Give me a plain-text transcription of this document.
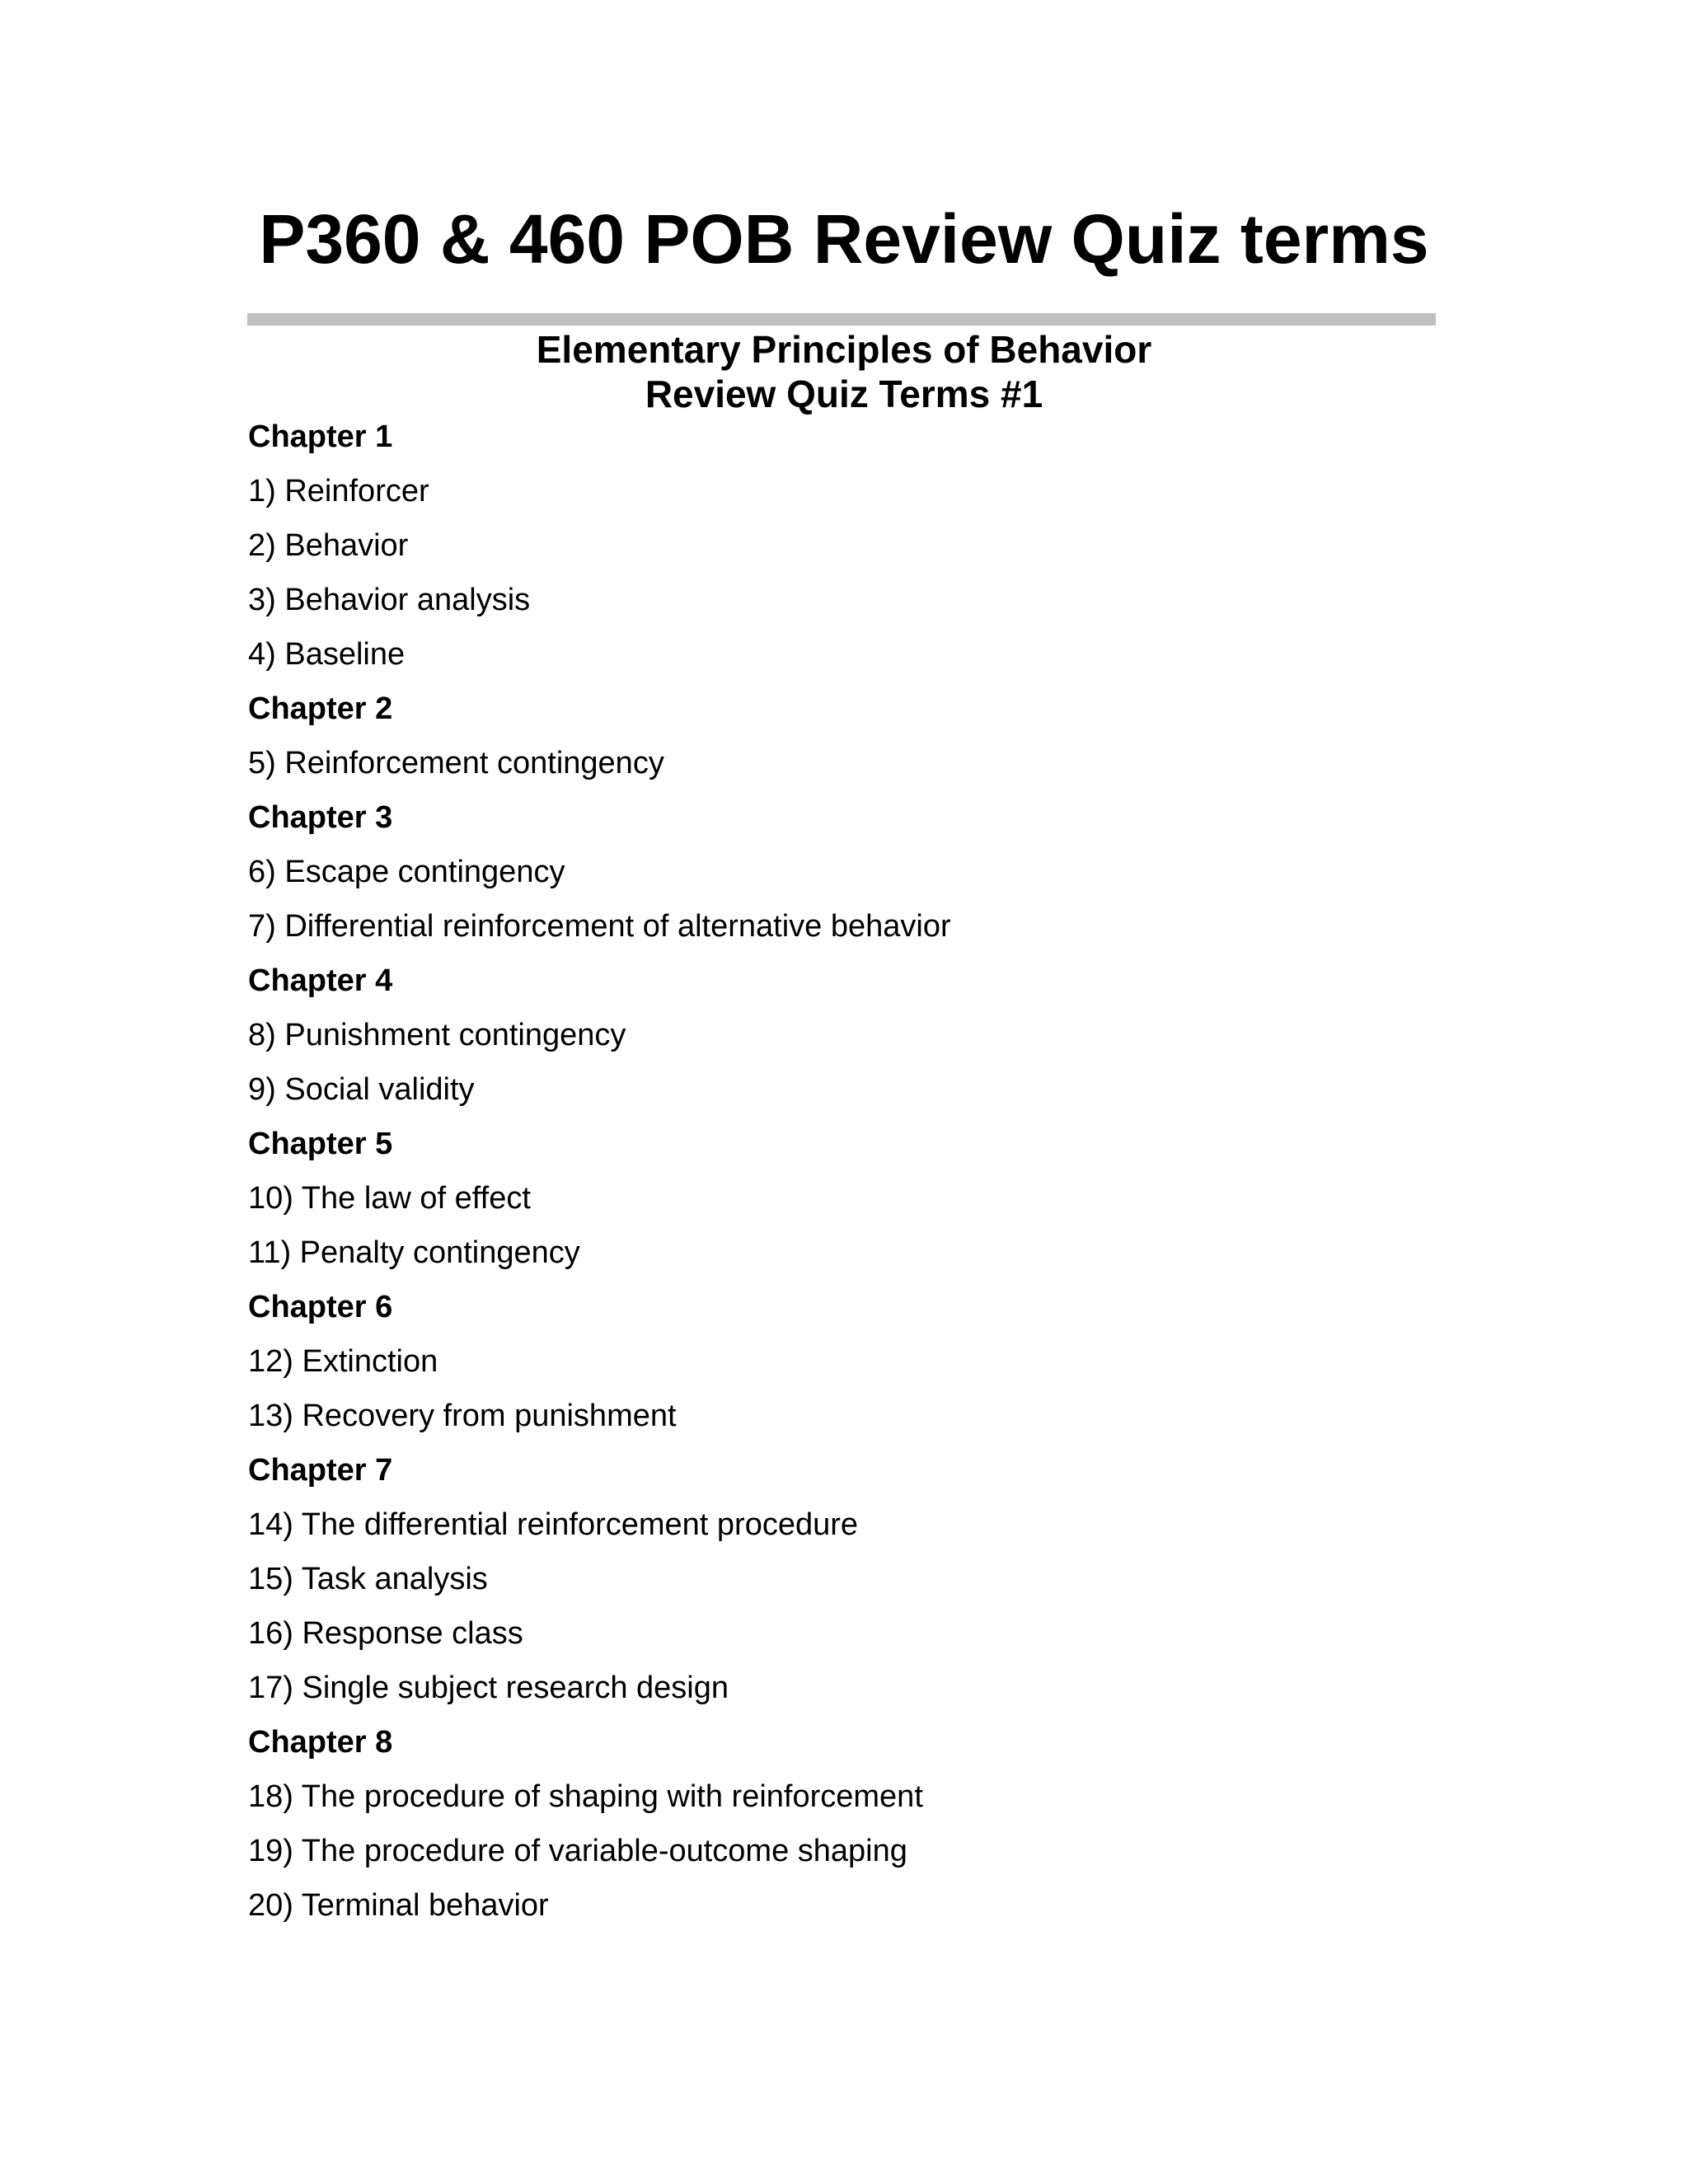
P360 & 460 POB Review Quiz terms
Elementary Principles of Behavior
Review Quiz Terms #1
Chapter 1
1) Reinforcer
2) Behavior
3) Behavior analysis
4) Baseline
Chapter 2
5) Reinforcement contingency
Chapter 3
6) Escape contingency
7) Differential reinforcement of alternative behavior
Chapter 4
8) Punishment contingency
9) Social validity
Chapter 5
10) The law of effect
11) Penalty contingency
Chapter 6
12) Extinction
13) Recovery from punishment
Chapter 7
14) The differential reinforcement procedure
15) Task analysis
16) Response class
17) Single subject research design
Chapter 8
18) The procedure of shaping with reinforcement
19) The procedure of variable-outcome shaping
20) Terminal behavior
